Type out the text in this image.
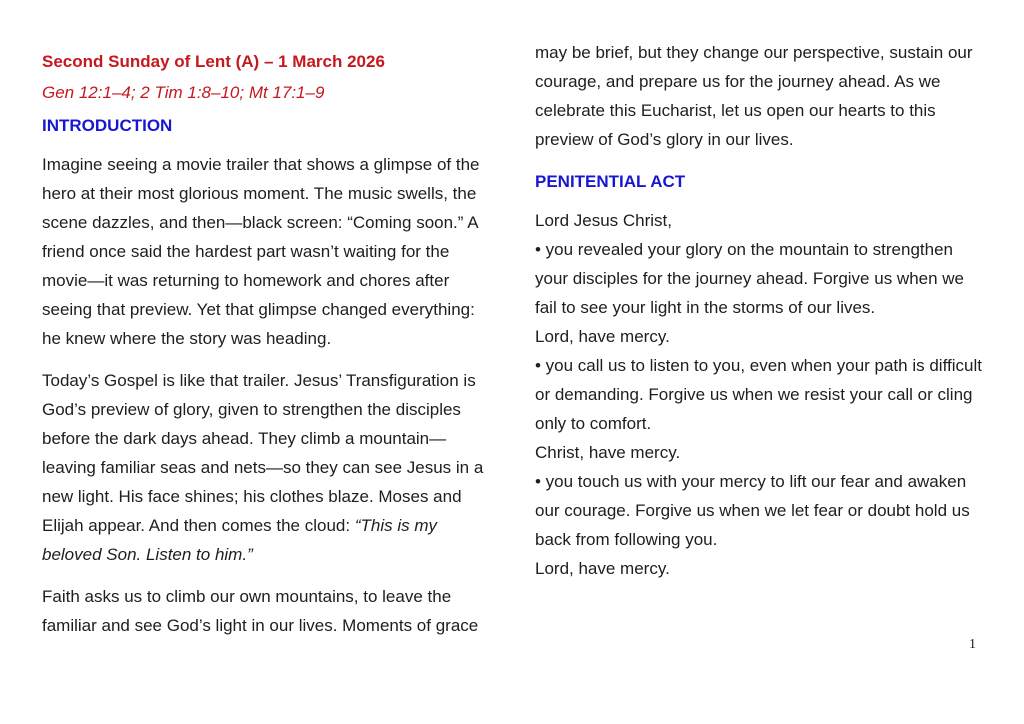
Second Sunday of Lent (A) – 1 March 2026

Gen 12:1–4; 2 Tim 1:8–10; Mt 17:1–9

INTRODUCTION

Imagine seeing a movie trailer that shows a glimpse of the hero at their most glorious moment. The music swells, the scene dazzles, and then—black screen: “Coming soon.” A friend once said the hardest part wasn’t waiting for the movie—it was returning to homework and chores after seeing that preview. Yet that glimpse changed everything: he knew where the story was heading.

Today’s Gospel is like that trailer. Jesus’ Transfiguration is God’s preview of glory, given to strengthen the disciples before the dark days ahead. They climb a mountain—leaving familiar seas and nets—so they can see Jesus in a new light. His face shines; his clothes blaze. Moses and Elijah appear. And then comes the cloud: “This is my beloved Son. Listen to him.”

Faith asks us to climb our own mountains, to leave the familiar and see God’s light in our lives. Moments of grace

may be brief, but they change our perspective, sustain our courage, and prepare us for the journey ahead. As we celebrate this Eucharist, let us open our hearts to this preview of God’s glory in our lives.

PENITENTIAL ACT
Lord Jesus Christ,
• you revealed your glory on the mountain to strengthen your disciples for the journey ahead. Forgive us when we fail to see your light in the storms of our lives.
Lord, have mercy.
• you call us to listen to you, even when your path is difficult or demanding. Forgive us when we resist your call or cling only to comfort.
Christ, have mercy.
• you touch us with your mercy to lift our fear and awaken our courage. Forgive us when we let fear or doubt hold us back from following you.
Lord, have mercy.
1
